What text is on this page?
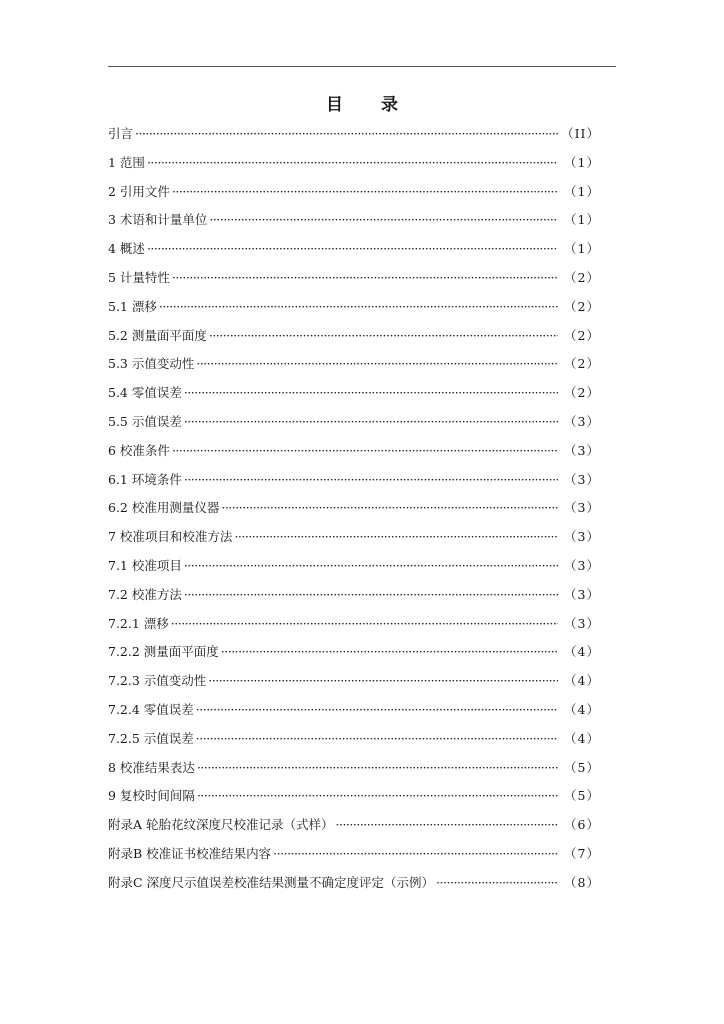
目 录
引言 ·····	（II）
1 范围 ·····	（1）
2 引用文件 ·····	（1）
3 术语和计量单位 ·····	（1）
4 概述 ·····	（1）
5 计量特性 ·····	（2）
5.1 漂移 ·····	（2）
5.2 测量面平面度 ·····	（2）
5.3 示值变动性 ·····	（2）
5.4 零值误差 ·····	（2）
5.5 示值误差 ·····	（3）
6 校准条件 ·····	（3）
6.1 环境条件 ·····	（3）
6.2 校准用测量仪器 ·····	（3）
7 校准项目和校准方法 ·····	（3）
7.1 校准项目 ·····	（3）
7.2 校准方法 ·····	（3）
7.2.1 漂移 ·····	（3）
7.2.2 测量面平面度 ·····	（4）
7.2.3 示值变动性 ·····	（4）
7.2.4 零值误差 ·····	（4）
7.2.5 示值误差 ·····	（4）
8 校准结果表达 ·····	（5）
9 复校时间间隔 ·····	（5）
附录A 轮胎花纹深度尺校准记录（式样） ·····	（6）
附录B 校准证书校准结果内容 ·····	（7）
附录C 深度尺示值误差校准结果测量不确定度评定（示例） ·····	（8）
